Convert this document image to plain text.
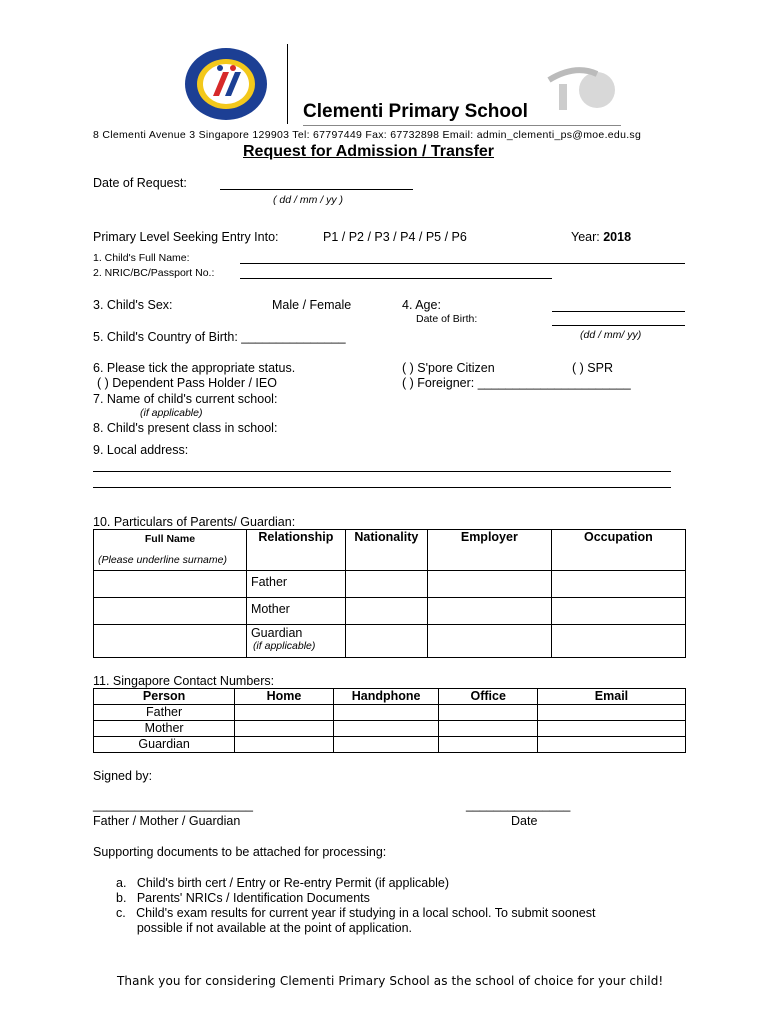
Clementi Primary School
8 Clementi Avenue 3 Singapore 129903 Tel: 67797449 Fax: 67732898 Email: admin_clementi_ps@moe.edu.sg
Request for Admission / Transfer
Date of Request:
( dd / mm / yy )
Primary Level Seeking Entry Into:	P1 / P2 / P3 / P4 / P5 / P6	Year: 2018
1. Child's Full Name:
2. NRIC/BC/Passport No.:
3. Child's Sex:	Male / Female	4. Age:
Date of Birth:
(dd / mm/ yy)
5. Child's Country of Birth: _______________
6. Please tick the appropriate status.	( ) S'pore Citizen	( ) SPR
( ) Dependent Pass Holder / IEO	( ) Foreigner: ______________________
7. Name of child's current school:
(if applicable)
8. Child's present class in school:
9. Local address:
10. Particulars of Parents/ Guardian:
Full Name
(Please underline surname)	Relationship	Nationality	Employer	Occupation
	Father			
	Mother			

	Guardian
(if applicable)			

11. Singapore Contact Numbers:
Person	Home	Handphone	Office	Email
Father				
Mother				
Guardian				
Signed by:
_______________________
Father / Mother / Guardian
_______________
Date
Supporting documents to be attached for processing:
a.   Child's birth cert / Entry or Re-entry Permit (if applicable)
b.   Parents' NRICs / Identification Documents
c.   Child's exam results for current year if studying in a local school. To submit soonest
possible if not available at the point of application.
Thank you for considering Clementi Primary School as the school of choice for your child!
